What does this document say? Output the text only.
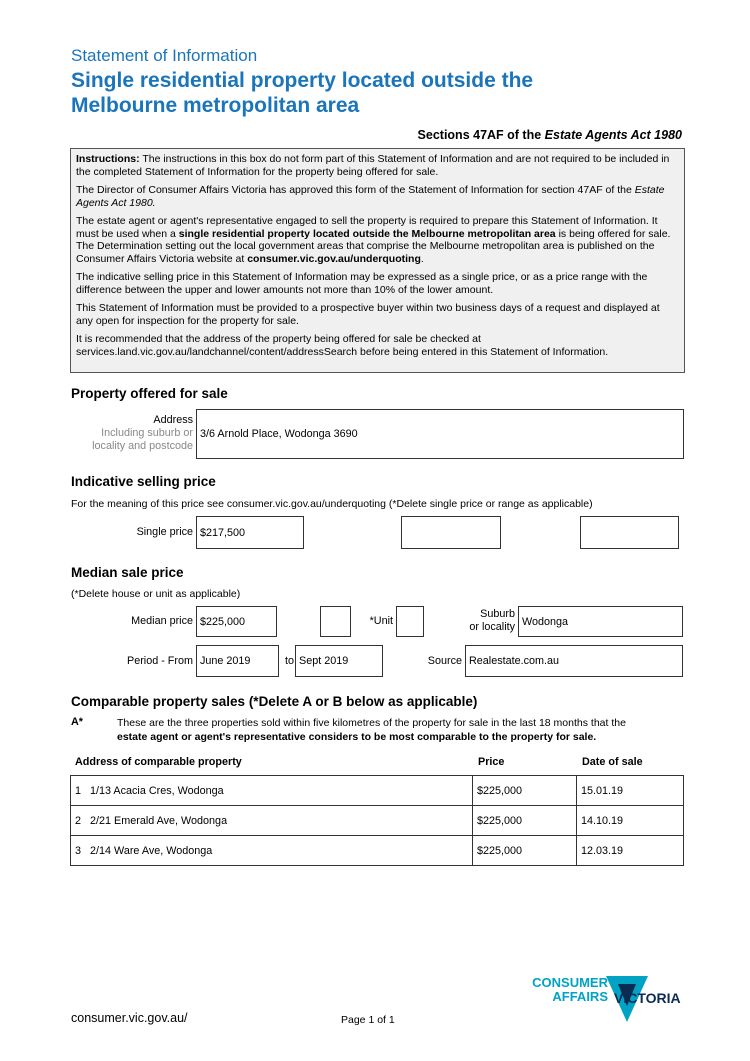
Statement of Information
Single residential property located outside the
Melbourne metropolitan area
Sections 47AF of the Estate Agents Act 1980

Instructions: The instructions in this box do not form part of this Statement of Information and are not required to be included in the completed Statement of Information for the property being offered for sale.

The Director of Consumer Affairs Victoria has approved this form of the Statement of Information for section 47AF of the Estate Agents Act 1980.

The estate agent or agent's representative engaged to sell the property is required to prepare this Statement of Information. It must be used when a single residential property located outside the Melbourne metropolitan area is being offered for sale. The Determination setting out the local government areas that comprise the Melbourne metropolitan area is published on the Consumer Affairs Victoria website at consumer.vic.gov.au/underquoting.

The indicative selling price in this Statement of Information may be expressed as a single price, or as a price range with the difference between the upper and lower amounts not more than 10% of the lower amount.

This Statement of Information must be provided to a prospective buyer within two business days of a request and displayed at any open for inspection for the property for sale.

It is recommended that the address of the property being offered for sale be checked at services.land.vic.gov.au/landchannel/content/addressSearch before being entered in this Statement of Information.

Property offered for sale
Address
Including suburb or
locality and postcode
3/6 Arnold Place, Wodonga 3690
Indicative selling price
For the meaning of this price see consumer.vic.gov.au/underquoting (*Delete single price or range as applicable)
Single price $217,500
Median sale price
(*Delete house or unit as applicable)
Median price $225,000	*Unit
Suburb
or locality Wodonga
Period - From June 2019	to Sept 2019	Source Realestate.com.au
Comparable property sales (*Delete A or B below as applicable)
A*	These are the three properties sold within five kilometres of the property for sale in the last 18 months that the
estate agent or agent's representative considers to be most comparable to the property for sale.
Address of comparable property	Price	Date of sale
1 1/13 Acacia Cres, Wodonga	$225,000	15.01.19
2 2/21 Emerald Ave, Wodonga	$225,000	14.10.19
3 2/14 Ware Ave, Wodonga	$225,000	12.03.19
CONSUMER
AFFAIRS VICTORIA
consumer.vic.gov.au/	Page 1 of 1
